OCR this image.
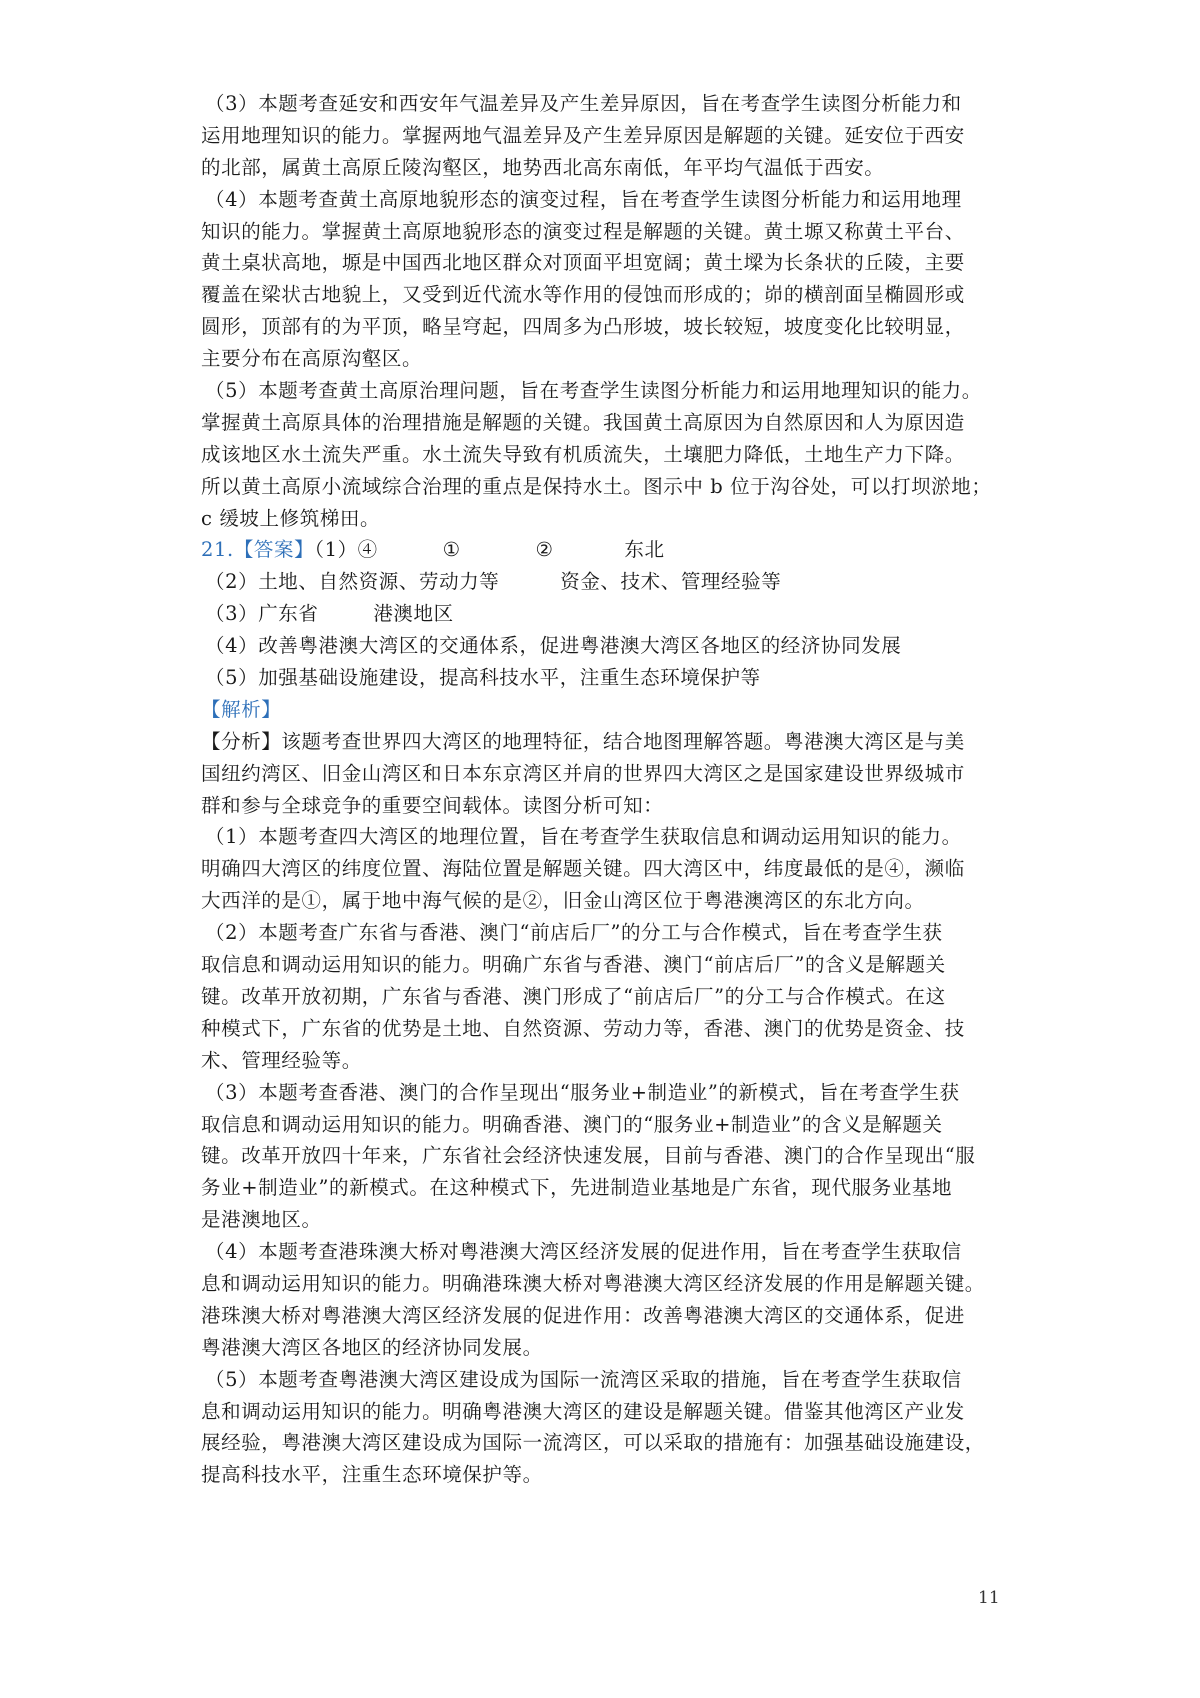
（3）本题考查延安和西安年气温差异及产生差异原因，旨在考查学生读图分析能力和
运用地理知识的能力。掌握两地气温差异及产生差异原因是解题的关键。延安位于西安
的北部，属黄土高原丘陵沟壑区，地势西北高东南低，年平均气温低于西安。
（4）本题考查黄土高原地貌形态的演变过程，旨在考查学生读图分析能力和运用地理
知识的能力。掌握黄土高原地貌形态的演变过程是解题的关键。黄土塬又称黄土平台、
黄土桌状高地，塬是中国西北地区群众对顶面平坦宽阔；黄土墚为长条状的丘陵，主要
覆盖在梁状古地貌上，又受到近代流水等作用的侵蚀而形成的；峁的横剖面呈椭圆形或
圆形，顶部有的为平顶，略呈穹起，四周多为凸形坡，坡长较短，坡度变化比较明显，
主要分布在高原沟壑区。
（5）本题考查黄土高原治理问题，旨在考查学生读图分析能力和运用地理知识的能力。
掌握黄土高原具体的治理措施是解题的关键。我国黄土高原因为自然原因和人为原因造
成该地区水土流失严重。水土流失导致有机质流失，土壤肥力降低，土地生产力下降。
所以黄土高原小流域综合治理的重点是保持水土。图示中 b 位于沟谷处，可以打坝淤地；
c 缓坡上修筑梯田。
21.【答案】（1）④	①	②	东北
（2）土地、自然资源、劳动力等	资金、技术、管理经验等
（3）广东省	港澳地区
（4）改善粤港澳大湾区的交通体系，促进粤港澳大湾区各地区的经济协同发展
（5）加强基础设施建设，提高科技水平，注重生态环境保护等
【解析】
【分析】该题考查世界四大湾区的地理特征，结合地图理解答题。粤港澳大湾区是与美
国纽约湾区、旧金山湾区和日本东京湾区并肩的世界四大湾区之是国家建设世界级城市
群和参与全球竞争的重要空间载体。读图分析可知：
（1）本题考查四大湾区的地理位置，旨在考查学生获取信息和调动运用知识的能力。
明确四大湾区的纬度位置、海陆位置是解题关键。四大湾区中，纬度最低的是④，濒临
大西洋的是①，属于地中海气候的是②，旧金山湾区位于粤港澳湾区的东北方向。
（2）本题考查广东省与香港、澳门“前店后厂”的分工与合作模式，旨在考查学生获
取信息和调动运用知识的能力。明确广东省与香港、澳门“前店后厂”的含义是解题关
键。改革开放初期，广东省与香港、澳门形成了“前店后厂”的分工与合作模式。在这
种模式下，广东省的优势是土地、自然资源、劳动力等，香港、澳门的优势是资金、技
术、管理经验等。
（3）本题考查香港、澳门的合作呈现出“服务业+制造业”的新模式，旨在考查学生获
取信息和调动运用知识的能力。明确香港、澳门的“服务业+制造业”的含义是解题关
键。改革开放四十年来，广东省社会经济快速发展，目前与香港、澳门的合作呈现出“服
务业+制造业”的新模式。在这种模式下，先进制造业基地是广东省，现代服务业基地
是港澳地区。
（4）本题考查港珠澳大桥对粤港澳大湾区经济发展的促进作用，旨在考查学生获取信
息和调动运用知识的能力。明确港珠澳大桥对粤港澳大湾区经济发展的作用是解题关键。
港珠澳大桥对粤港澳大湾区经济发展的促进作用：改善粤港澳大湾区的交通体系，促进
粤港澳大湾区各地区的经济协同发展。
（5）本题考查粤港澳大湾区建设成为国际一流湾区采取的措施，旨在考查学生获取信
息和调动运用知识的能力。明确粤港澳大湾区的建设是解题关键。借鉴其他湾区产业发
展经验，粤港澳大湾区建设成为国际一流湾区，可以采取的措施有：加强基础设施建设，
提高科技水平，注重生态环境保护等。
11
